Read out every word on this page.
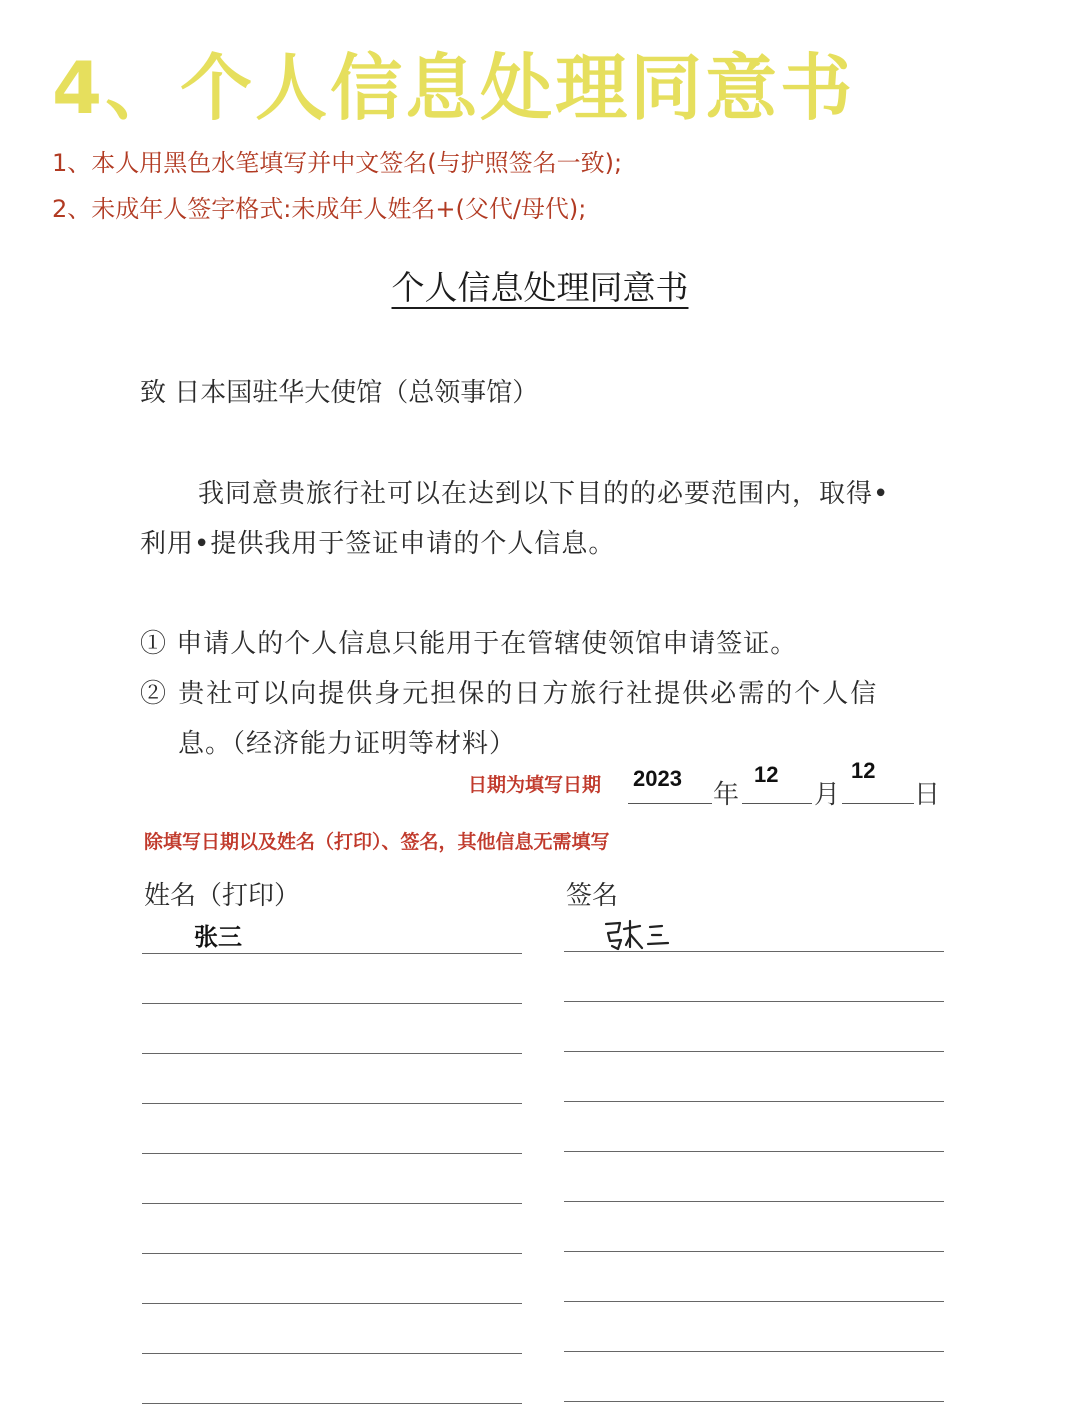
4、个人信息处理同意书
1、本人用黑色水笔填写并中文签名(与护照签名一致);
2、未成年人签字格式:未成年人姓名+(父代/母代);
个人信息处理同意书
致 日本国驻华大使馆（总领事馆）
我同意贵旅行社可以在达到以下目的的必要范围内，取得•
利用•提供我用于签证申请的个人信息。
① 申请人的个人信息只能用于在管辖使领馆申请签证。
② 贵社可以向提供身元担保的日方旅行社提供必需的个人信
息。（经济能力证明等材料）
日期为填写日期 2023
年
12
月
12
日
除填写日期以及姓名（打印）、签名，其他信息无需填写
姓名（打印）	签名
张三
